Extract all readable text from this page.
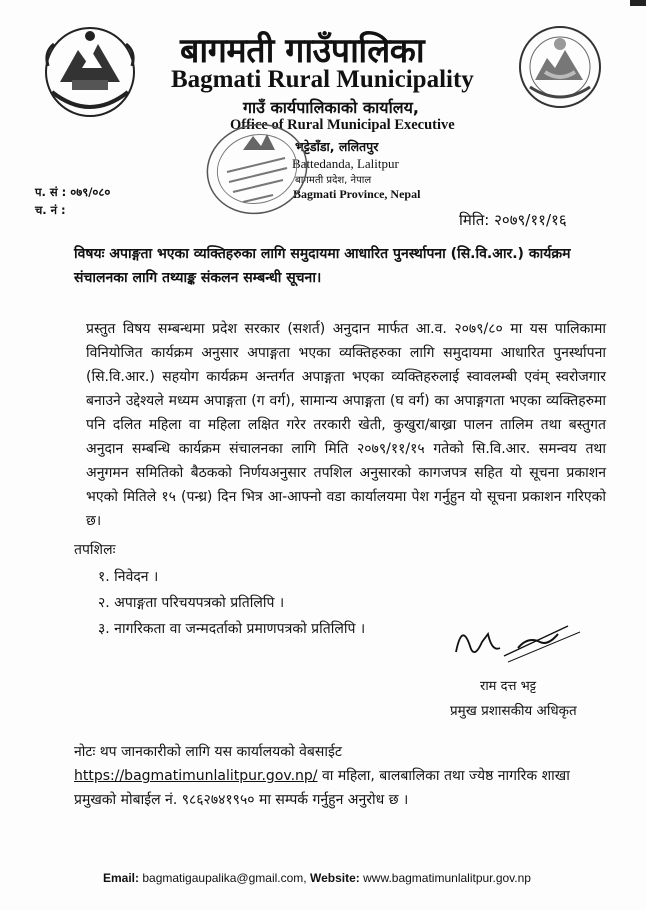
बागमती गाउँपालिका
Bagmati Rural Municipality
गाउँ कार्यपालिकाको कार्यालय,
Office of Rural Municipal Executive
भट्टेडाँडा, ललितपुर
Battedanda, Lalitpur
बागमती प्रदेश, नेपाल
Bagmati Province, Nepal
प. सं : ०७९/०८०
च. नं :
मिति: २०७९/११/१६
विषयः अपाङ्गता भएका व्यक्तिहरुका लागि समुदायमा आधारित पुनर्स्थापना (सि.वि.आर.) कार्यक्रम संचालनका लागि तथ्याङ्क संकलन सम्बन्धी सूचना।
प्रस्तुत विषय सम्बन्धमा प्रदेश सरकार (सशर्त) अनुदान मार्फत आ.व. २०७९/८० मा यस पालिकामा विनियोजित कार्यक्रम अनुसार अपाङ्गता भएका व्यक्तिहरुका लागि समुदायमा आधारित पुनर्स्थापना (सि.वि.आर.) सहयोग कार्यक्रम अन्तर्गत अपाङ्गता भएका व्यक्तिहरुलाई स्वावलम्बी एवंम् स्वरोजगार बनाउने उद्देश्यले मध्यम अपाङ्गता (ग वर्ग), सामान्य अपाङ्गता (घ वर्ग) का अपाङ्गगता भएका व्यक्तिहरुमा पनि दलित महिला वा महिला लक्षित गरेर तरकारी खेती, कुखुरा/बाख्रा पालन तालिम तथा बस्तुगत अनुदान सम्बन्धि कार्यक्रम संचालनका लागि मिति २०७९/११/१५ गतेको सि.वि.आर. समन्वय तथा अनुगमन समितिको बैठकको निर्णयअनुसार तपशिल अनुसारको कागजपत्र सहित यो सूचना प्रकाशन भएको मितिले १५ (पन्ध्र) दिन भित्र आ-आफ्नो वडा कार्यालयमा पेश गर्नुहुन यो सूचना प्रकाशन गरिएको छ।
तपशिलः
१. निवेदन ।
२. अपाङ्गता परिचयपत्रको प्रतिलिपि ।
३. नागरिकता वा जन्मदर्ताको प्रमाणपत्रको प्रतिलिपि ।
राम दत्त भट्ट
प्रमुख प्रशासकीय अधिकृत
नोटः थप जानकारीको लागि यस कार्यालयको वेबसाईट https://bagmatimunlalitpur.gov.np/ वा महिला, बालबालिका तथा ज्येष्ठ नागरिक शाखा प्रमुखको मोबाईल नं. ९८६२७४१९५० मा सम्पर्क गर्नुहुन अनुरोध छ ।
Email: bagmatigaupalika@gmail.com, Website: www.bagmatimunlalitpur.gov.np
